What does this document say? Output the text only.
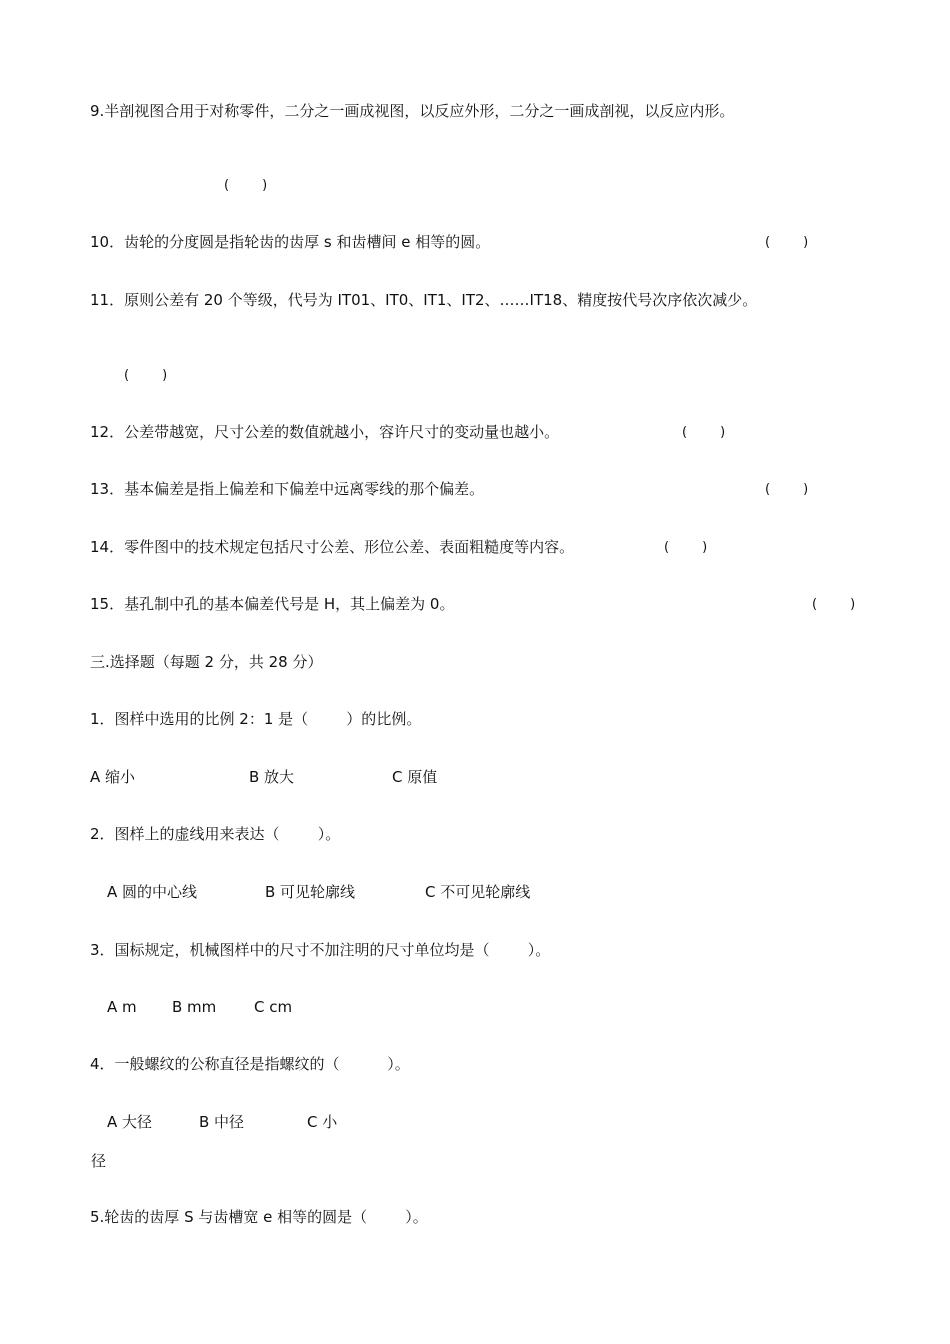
9.半剖视图合用于对称零件，二分之一画成视图，以反应外形，二分之一画成剖视，以反应内形。
(        )
10．齿轮的分度圆是指轮齿的齿厚 s 和齿槽间 e 相等的圆。	(        )
11．原则公差有 20 个等级，代号为 IT01、IT0、IT1、IT2、……IT18、精度按代号次序依次减少。
(        )
12．公差带越宽，尺寸公差的数值就越小，容许尺寸的变动量也越小。	(        )
13．基本偏差是指上偏差和下偏差中远离零线的那个偏差。	(        )
14．零件图中的技术规定包括尺寸公差、形位公差、表面粗糙度等内容。	(        )
15．基孔制中孔的基本偏差代号是 H，其上偏差为 0。	(        )
三.选择题（每题 2 分，共 28 分）
1．图样中选用的比例 2：1 是（        ）的比例。
A 缩小	B 放大	C 原值
2．图样上的虚线用来表达（        ）。
A 圆的中心线	B 可见轮廓线	C 不可见轮廓线
3．国标规定，机械图样中的尺寸不加注明的尺寸单位均是（        ）。
A m B mm	C cm
4．一般螺纹的公称直径是指螺纹的（          ）。
A 大径	B 中径	C 小
径
5.轮齿的齿厚 S 与齿槽宽 e 相等的圆是（        ）。
